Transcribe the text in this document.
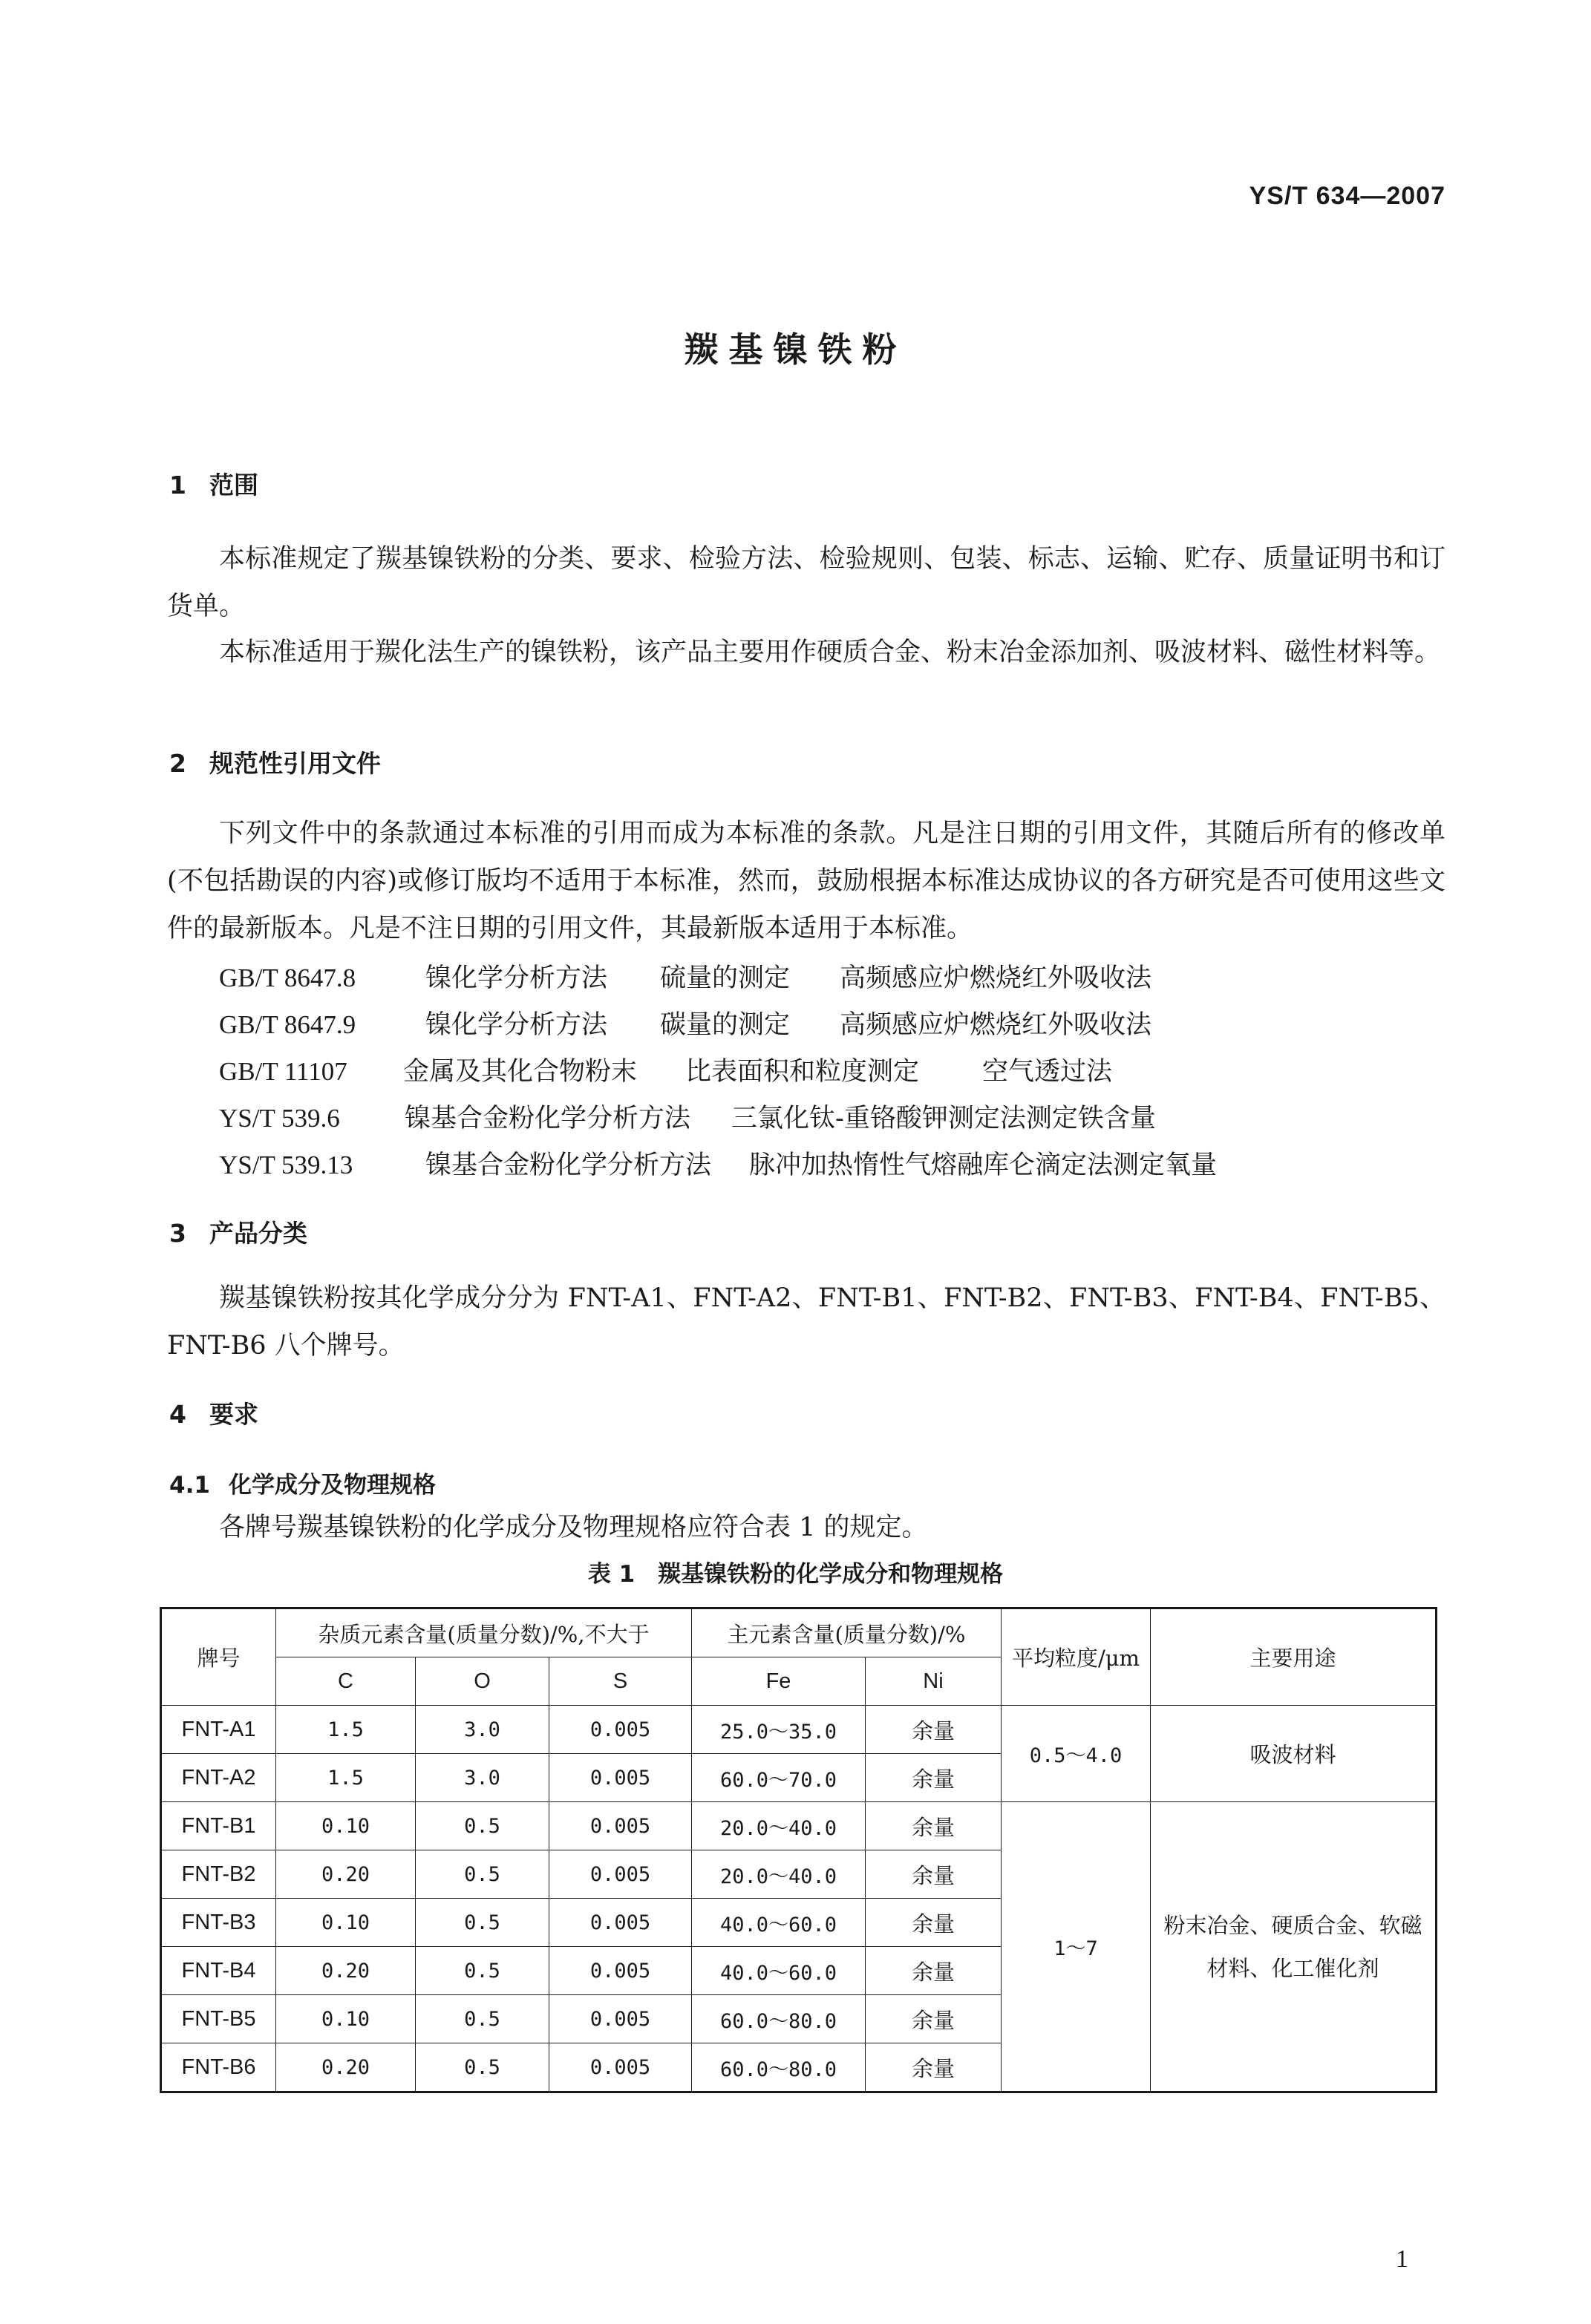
YS/T 634—2007
羰基镍铁粉
1 范围
本标准规定了羰基镍铁粉的分类、要求、检验方法、检验规则、包装、标志、运输、贮存、质量证明书和订货单。
本标准适用于羰化法生产的镍铁粉，该产品主要用作硬质合金、粉末冶金添加剂、吸波材料、磁性材料等。
2 规范性引用文件
下列文件中的条款通过本标准的引用而成为本标准的条款。凡是注日期的引用文件，其随后所有的修改单(不包括勘误的内容)或修订版均不适用于本标准，然而，鼓励根据本标准达成协议的各方研究是否可使用这些文件的最新版本。凡是不注日期的引用文件，其最新版本适用于本标准。
GB/T 8647.8	镍化学分析方法 硫量的测定 高频感应炉燃烧红外吸收法
GB/T 8647.9	镍化学分析方法 碳量的测定 高频感应炉燃烧红外吸收法
GB/T 11107 金属及其化合物粉末 比表面积和粒度测定 空气透过法
YS/T 539.6 镍基合金粉化学分析方法 三氯化钛-重铬酸钾测定法测定铁含量
YS/T 539.13	镍基合金粉化学分析方法 脉冲加热惰性气熔融库仑滴定法测定氧量
3 产品分类
羰基镍铁粉按其化学成分分为 FNT-A1、FNT-A2、FNT-B1、FNT-B2、FNT-B3、FNT-B4、FNT-B5、FNT-B6 八个牌号。
4 要求
4.1 化学成分及物理规格
各牌号羰基镍铁粉的化学成分及物理规格应符合表 1 的规定。
表 1　羰基镍铁粉的化学成分和物理规格
牌号	杂质元素含量(质量分数)/%,不大于			主元素含量(质量分数)/%		平均粒度/μm	主要用途
	C	O	S	Fe	Ni		
FNT-A1	1.5	3.0	0.005	25.0～35.0	余量	0.5～4.0	吸波材料
FNT-A2	1.5	3.0	0.005	60.0～70.0	余量		
FNT-B1	0.10	0.5	0.005	20.0～40.0	余量	1～7	粉末冶金、硬质合金、软磁材料、化工催化剂
FNT-B2	0.20	0.5	0.005	20.0～40.0	余量		
FNT-B3	0.10	0.5	0.005	40.0～60.0	余量		
FNT-B4	0.20	0.5	0.005	40.0～60.0	余量		
FNT-B5	0.10	0.5	0.005	60.0～80.0	余量		
FNT-B6	0.20	0.5	0.005	60.0～80.0	余量		
1
